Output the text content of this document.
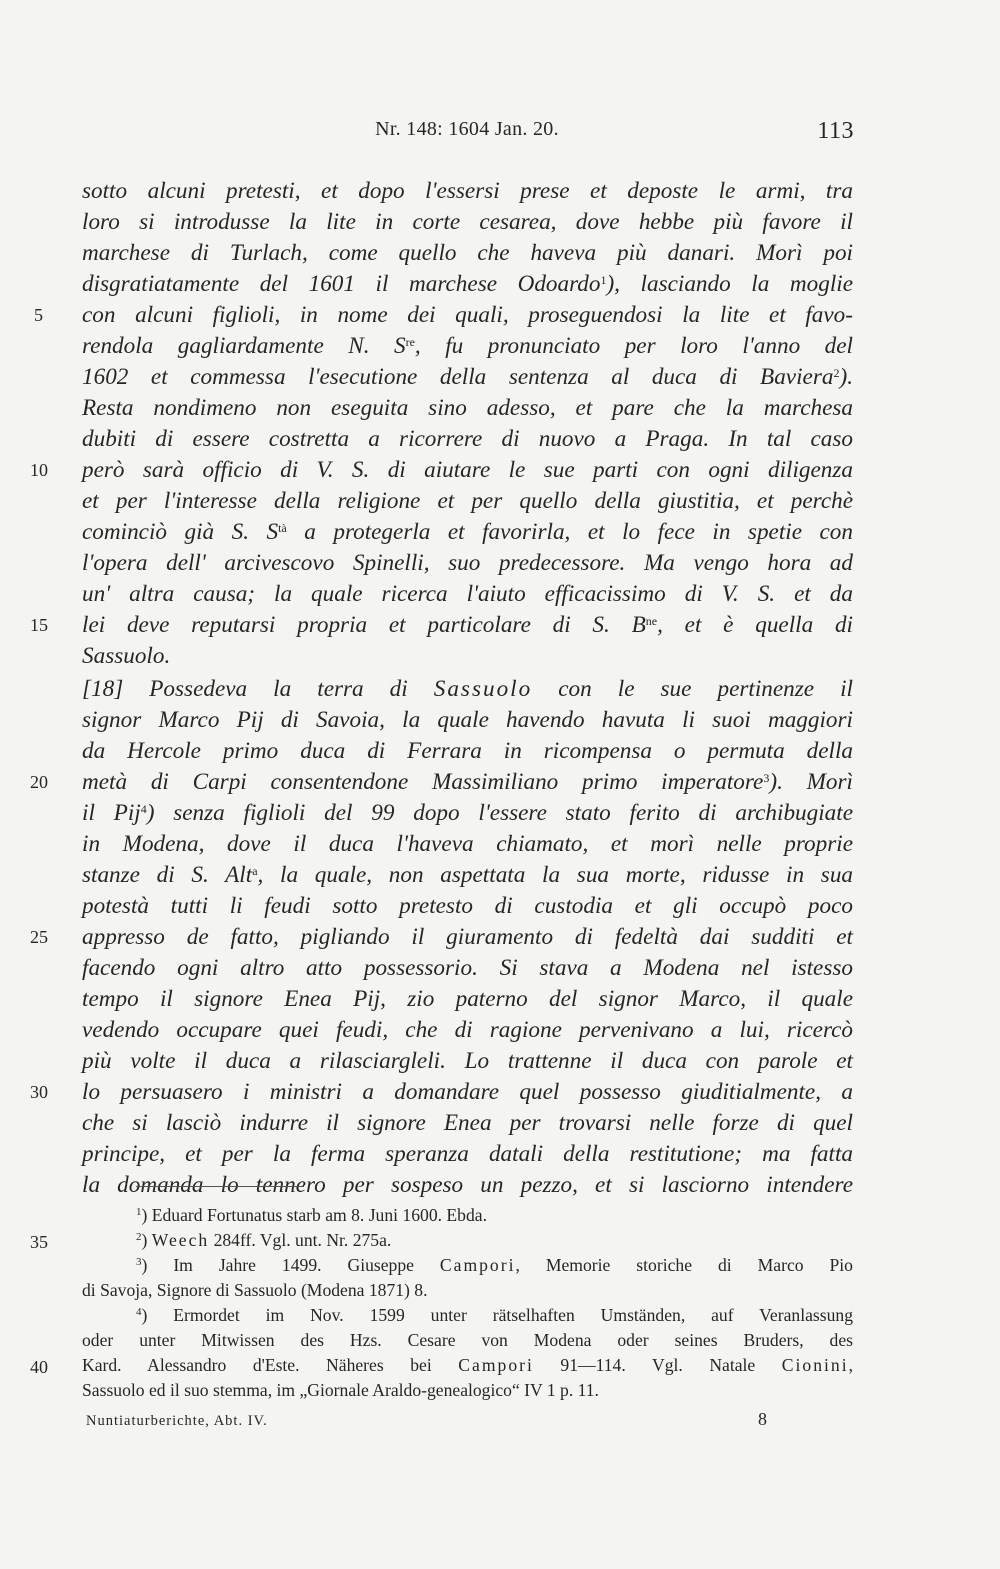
Nr. 148: 1604 Jan. 20.	113
sotto alcuni pretesti, et dopo l'essersi prese et deposte le armi, tra
loro si introdusse la lite in corte cesarea, dove hebbe più favore il
marchese di Turlach, come quello che haveva più danari. Morì poi
disgratiatamente del 1601 il marchese Odoardo$^1$), lasciando la moglie
con alcuni figlioli, in nome dei quali, proseguendosi la lite et favo-
rendola gagliardamente N. $S^{re}$, fu pronunciato per loro l'anno del
1602 et commessa l'esecutione della sentenza al duca di Baviera$^2$).
Resta nondimeno non eseguita sino adesso, et pare che la marchesa
dubiti di essere costretta a ricorrere di nuovo a Praga. In tal caso
però sarà officio di V. S. di aiutare le sue parti con ogni diligenza
et per l'interesse della religione et per quello della giustitia, et perchè
cominciò già S. $S^{tà}$ a protegerla et favorirla, et lo fece in spetie con
l'opera dell' arcivescovo Spinelli, suo predecessore. Ma vengo hora ad
un' altra causa; la quale ricerca l'aiuto efficacissimo di V. S. et da
lei deve reputarsi propria et particolare di S. $B^{ne}$, et è quella di
Sassuolo.
[18] Possedeva la terra di Sassuolo con le sue pertinenze il
signor Marco Pij di Savoia, la quale havendo havuta li suoi maggiori
da Hercole primo duca di Ferrara in ricompensa o permuta della
metà di Carpi consentendone Massimiliano primo imperatore$^3$). Morì
il Pij$^4$) senza figlioli del 99 dopo l'essere stato ferito di archibugiate
in Modena, dove il duca l'haveva chiamato, et morì nelle proprie
stanze di S. Alt$^a$, la quale, non aspettata la sua morte, ridusse in sua
potestà tutti li feudi sotto pretesto di custodia et gli occupò poco
appresso de fatto, pigliando il giuramento di fedeltà dai sudditi et
facendo ogni altro atto possessorio. Si stava a Modena nel istesso
tempo il signore Enea Pij, zio paterno del signor Marco, il quale
vedendo occupare quei feudi, che di ragione pervenivano a lui, ricercò
più volte il duca a rilasciargleli. Lo trattenne il duca con parole et
lo persuasero i ministri a domandare quel possesso giuditialmente, a
che si lasciò indurre il signore Enea per trovarsi nelle forze di quel
principe, et per la ferma speranza datali della restitutione; ma fatta
la domanda lo tennero per sospeso un pezzo, et si lasciorno intendere
5
10
15
20
25
30
35
40
$^1$) Eduard Fortunatus starb am 8. Juni 1600. Ebda.
$^2$) Weech 284ff. Vgl. unt. Nr. 275a.
$^3$) Im Jahre 1499. Giuseppe Campori, Memorie storiche di Marco Pio
di Savoja, Signore di Sassuolo (Modena 1871) 8.
$^4$) Ermordet im Nov. 1599 unter rätselhaften Umständen, auf Veranlassung
oder unter Mitwissen des Hzs. Cesare von Modena oder seines Bruders, des
Kard. Alessandro d'Este. Näheres bei Campori 91—114. Vgl. Natale Cionini,
Sassuolo ed il suo stemma, im „Giornale Araldo-genealogico“ IV 1 p. 11.
Nuntiaturberichte, Abt. IV.	8
